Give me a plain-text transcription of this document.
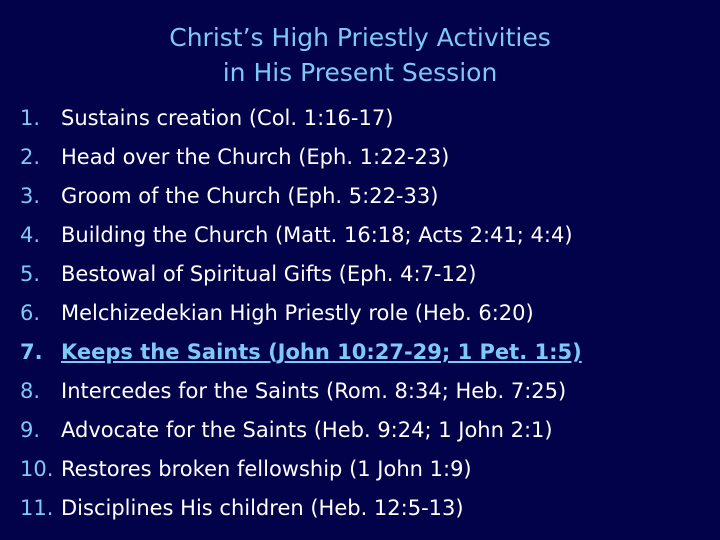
Christ’s High Priestly Activities
in His Present Session
1. Sustains creation (Col. 1:16-17)
2. Head over the Church (Eph. 1:22-23)
3. Groom of the Church (Eph. 5:22-33)
4. Building the Church (Matt. 16:18; Acts 2:41; 4:4)
5. Bestowal of Spiritual Gifts (Eph. 4:7-12)
6. Melchizedekian High Priestly role (Heb. 6:20)
7. Keeps the Saints (John 10:27-29; 1 Pet. 1:5)
8. Intercedes for the Saints (Rom. 8:34; Heb. 7:25)
9. Advocate for the Saints (Heb. 9:24; 1 John 2:1)
10. Restores broken fellowship (1 John 1:9)
11. Disciplines His children (Heb. 12:5-13)
